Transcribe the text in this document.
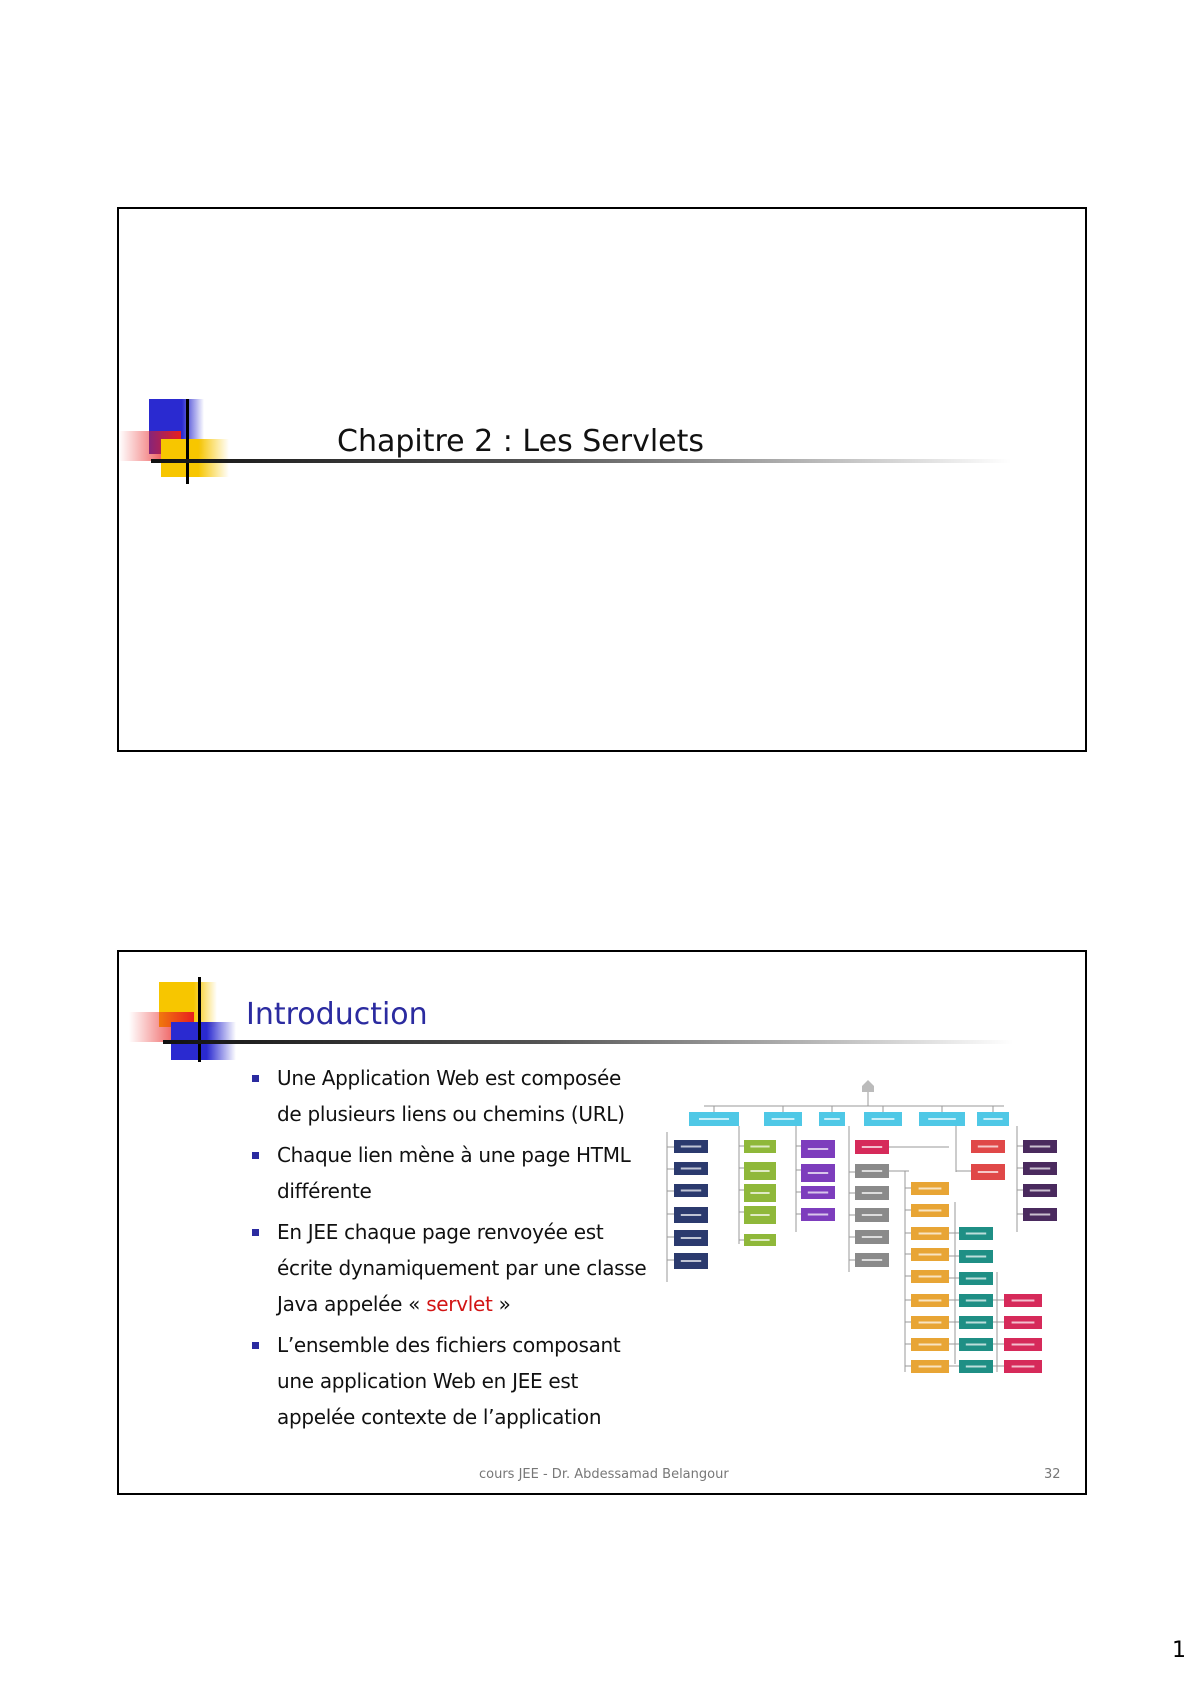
Chapitre 2 : Les Servlets
Introduction
Une Application Web est composée de plusieurs liens ou chemins (URL)
Chaque lien mène à une page HTML différente
En JEE chaque page renvoyée est écrite dynamiquement par une classe Java appelée « servlet »
L’ensemble des fichiers composant une application Web en JEE est appelée contexte de l’application
cours JEE - Dr. Abdessamad Belangour	32
1
